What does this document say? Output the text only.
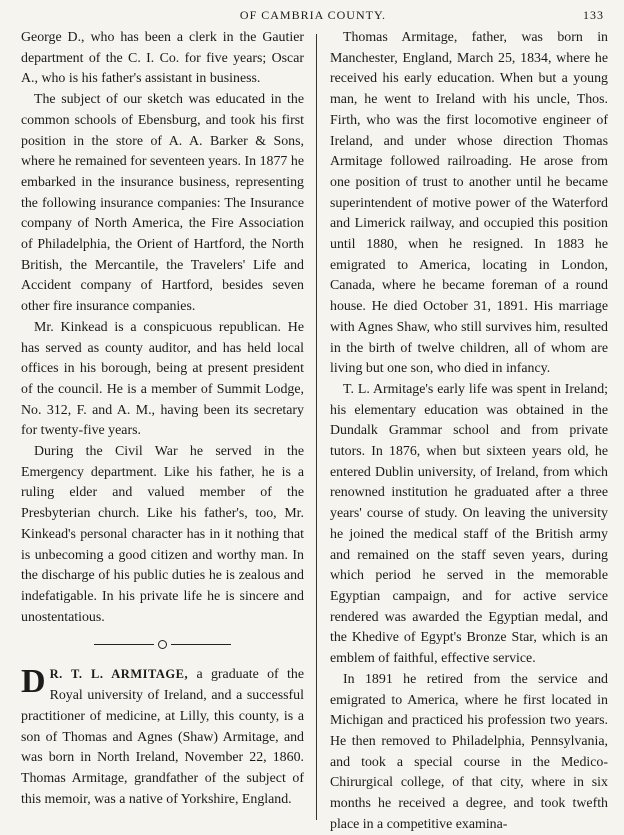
OF CAMBRIA COUNTY.	133

George D., who has been a clerk in the Gautier department of the C. I. Co. for five years; Oscar A., who is his father's assistant in business.

The subject of our sketch was educated in the common schools of Ebensburg, and took his first position in the store of A. A. Barker & Sons, where he remained for seventeen years. In 1877 he embarked in the insurance business, representing the following insurance companies: The Insurance company of North America, the Fire Association of Philadelphia, the Orient of Hartford, the North British, the Mercantile, the Travelers' Life and Accident company of Hartford, besides seven other fire insurance companies.

Mr. Kinkead is a conspicuous republican. He has served as county auditor, and has held local offices in his borough, being at present president of the council. He is a member of Summit Lodge, No. 312, F. and A. M., having been its secretary for twenty-five years.

During the Civil War he served in the Emergency department. Like his father, he is a ruling elder and valued member of the Presbyterian church. Like his father's, too, Mr. Kinkead's personal character has in it nothing that is unbecoming a good citizen and worthy man. In the discharge of his public duties he is zealous and indefatigable. In his private life he is sincere and unostentatious.

D R. T. L. ARMITAGE, a graduate of the Royal university of Ireland, and a successful practitioner of medicine, at Lilly, this county, is a son of Thomas and Agnes (Shaw) Armitage, and was born in North Ireland, November 22, 1860. Thomas Armitage, grandfather of the subject of this memoir, was a native of Yorkshire, England.

Thomas Armitage, father, was born in Manchester, England, March 25, 1834, where he received his early education. When but a young man, he went to Ireland with his uncle, Thos. Firth, who was the first locomotive engineer of Ireland, and under whose direction Thomas Armitage followed railroading. He arose from one position of trust to another until he became superintendent of motive power of the Waterford and Limerick railway, and occupied this position until 1880, when he resigned. In 1883 he emigrated to America, locating in London, Canada, where he became foreman of a round house. He died October 31, 1891. His marriage with Agnes Shaw, who still survives him, resulted in the birth of twelve children, all of whom are living but one son, who died in infancy.

T. L. Armitage's early life was spent in Ireland; his elementary education was obtained in the Dundalk Grammar school and from private tutors. In 1876, when but sixteen years old, he entered Dublin university, of Ireland, from which renowned institution he graduated after a three years' course of study. On leaving the university he joined the medical staff of the British army and remained on the staff seven years, during which period he served in the memorable Egyptian campaign, and for active service rendered was awarded the Egyptian medal, and the Khedive of Egypt's Bronze Star, which is an emblem of faithful, effective service.

In 1891 he retired from the service and emigrated to America, where he first located in Michigan and practiced his profession two years. He then removed to Philadelphia, Pennsylvania, and took a special course in the Medico-Chirurgical college, of that city, where in six months he received a degree, and took twefth place in a competitive examina-
